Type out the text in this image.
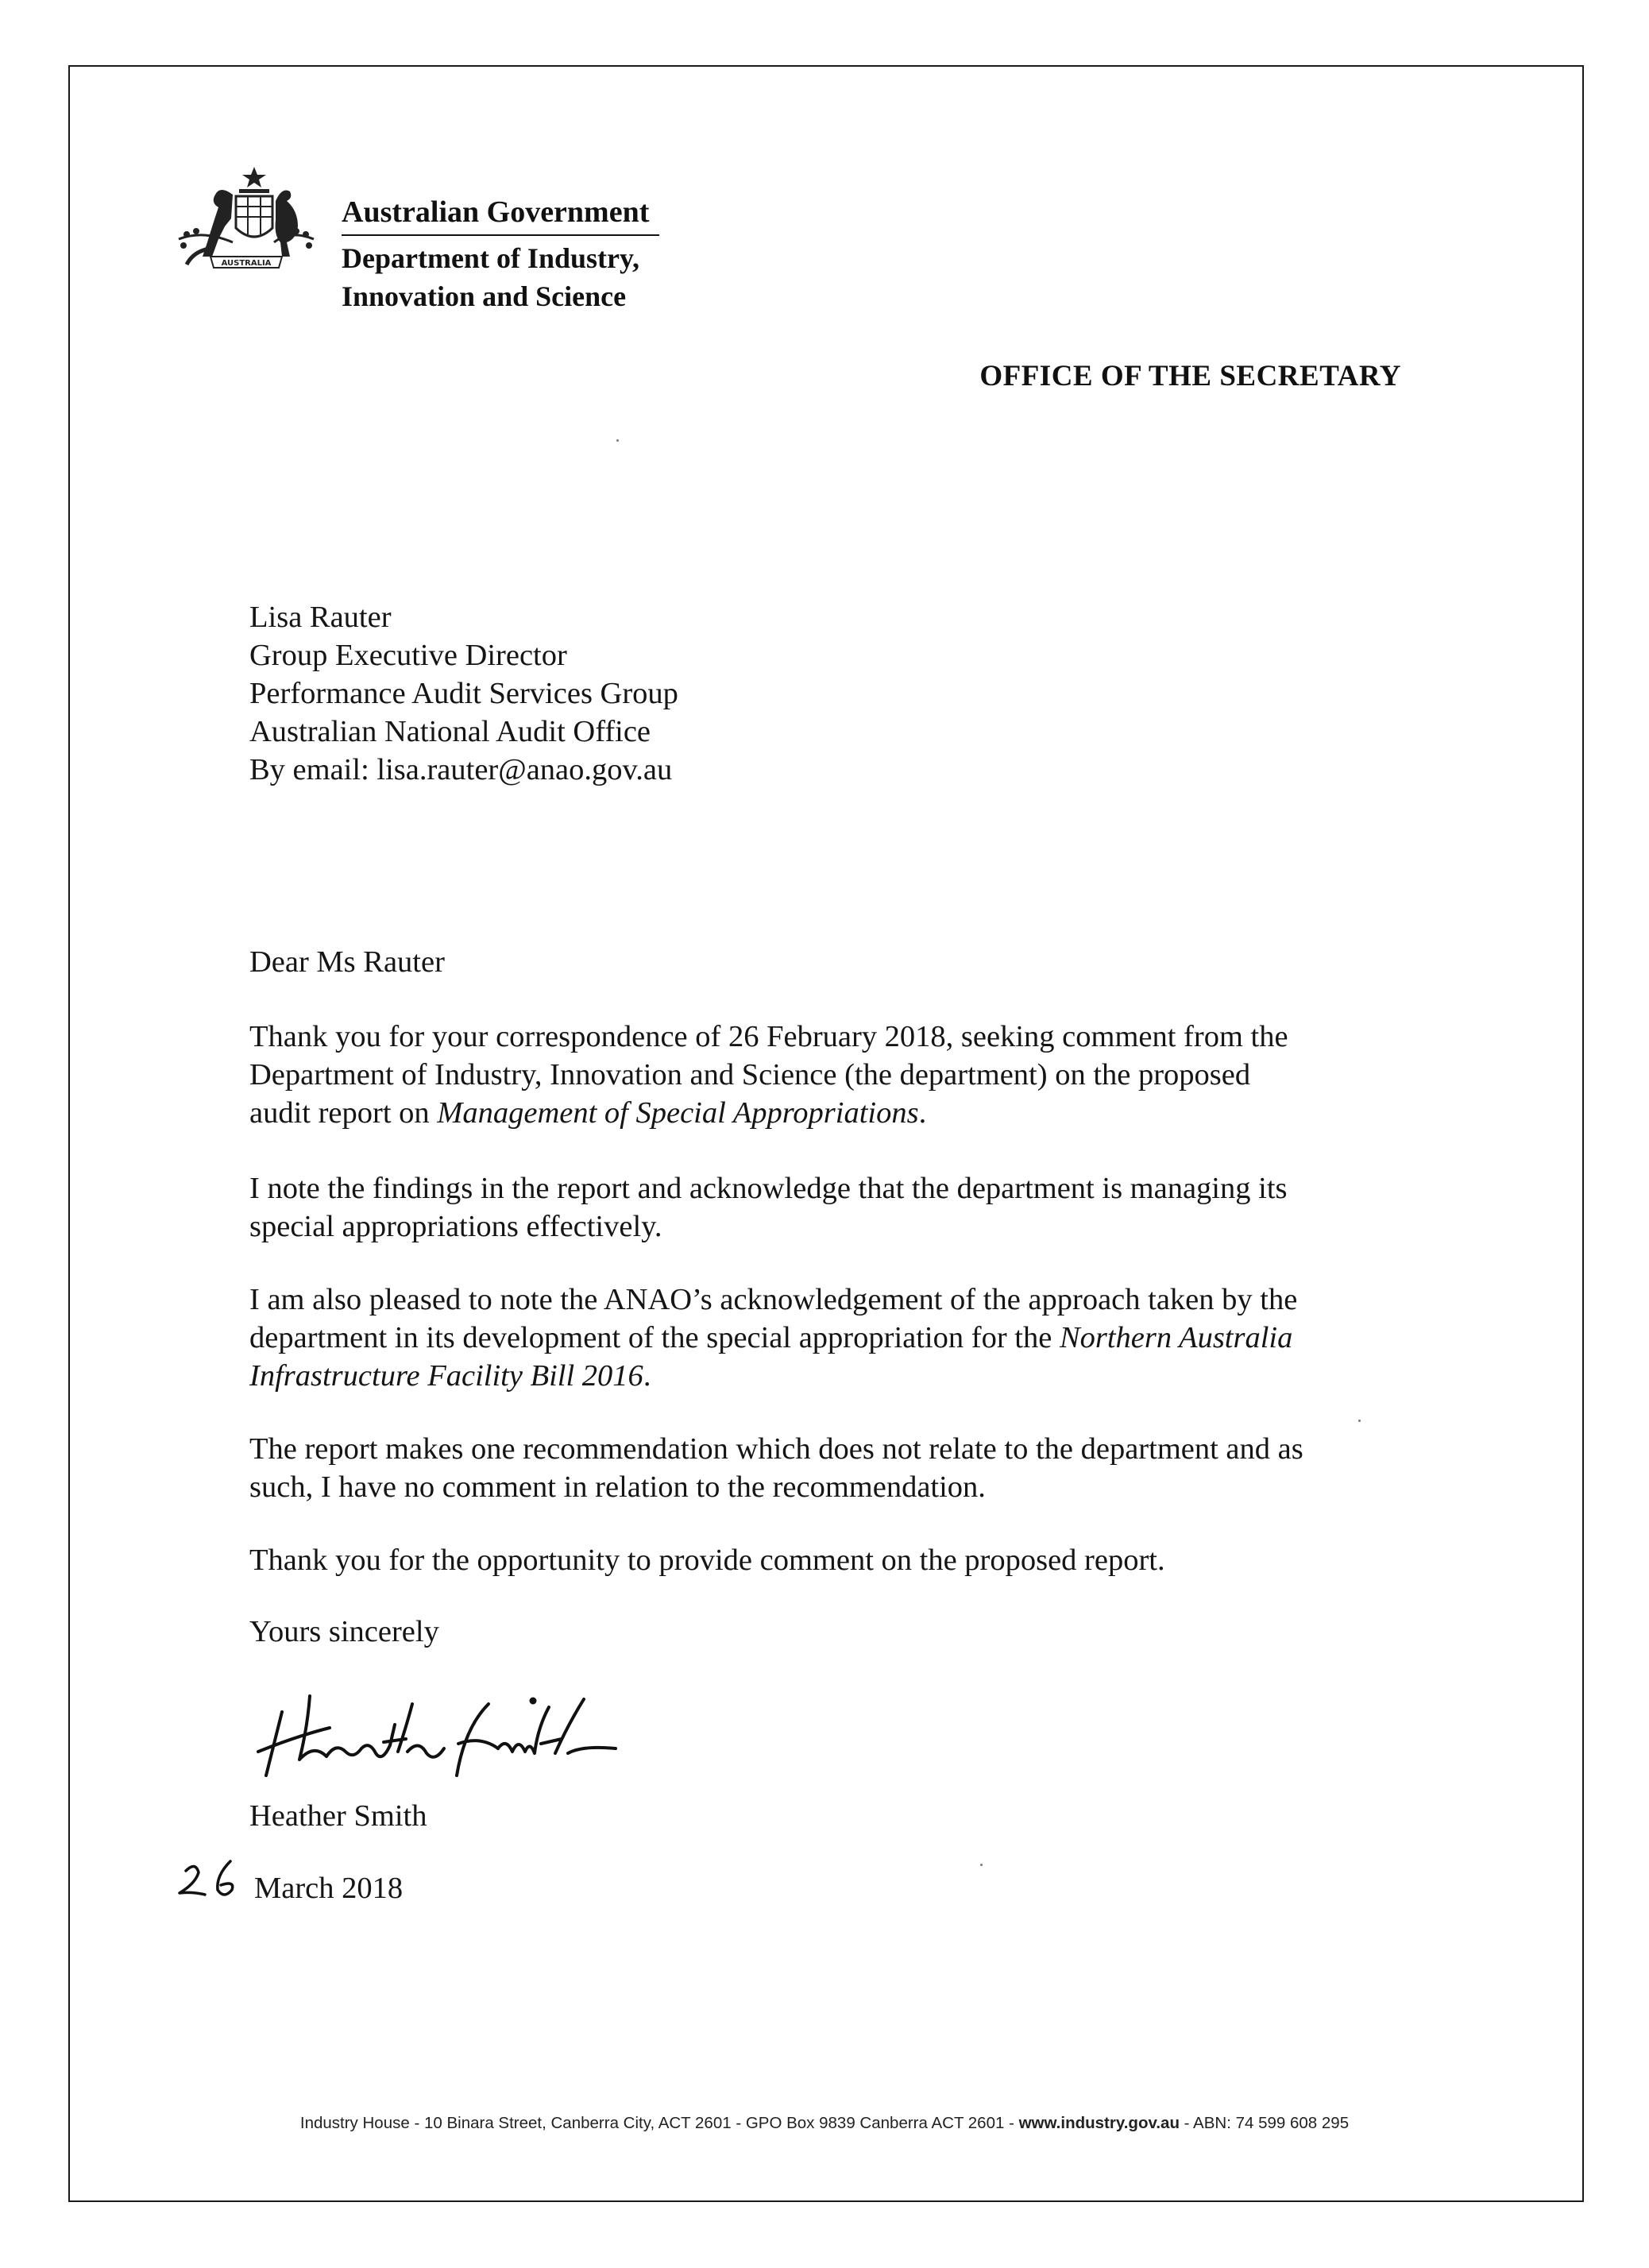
AUSTRALIA
Australian Government
Department of Industry,
Innovation and Science
OFFICE OF THE SECRETARY
Lisa Rauter
Group Executive Director
Performance Audit Services Group
Australian National Audit Office
By email: lisa.rauter@anao.gov.au
Dear Ms Rauter
Thank you for your correspondence of 26 February 2018, seeking comment from the
Department of Industry, Innovation and Science (the department) on the proposed
audit report on Management of Special Appropriations.
I note the findings in the report and acknowledge that the department is managing its
special appropriations effectively.
I am also pleased to note the ANAO’s acknowledgement of the approach taken by the
department in its development of the special appropriation for the Northern Australia
Infrastructure Facility Bill 2016.
The report makes one recommendation which does not relate to the department and as
such, I have no comment in relation to the recommendation.
Thank you for the opportunity to provide comment on the proposed report.
Yours sincerely
Heather Smith
March 2018
Industry House - 10 Binara Street, Canberra City, ACT 2601 - GPO Box 9839 Canberra ACT 2601 - www.industry.gov.au - ABN: 74 599 608 295
